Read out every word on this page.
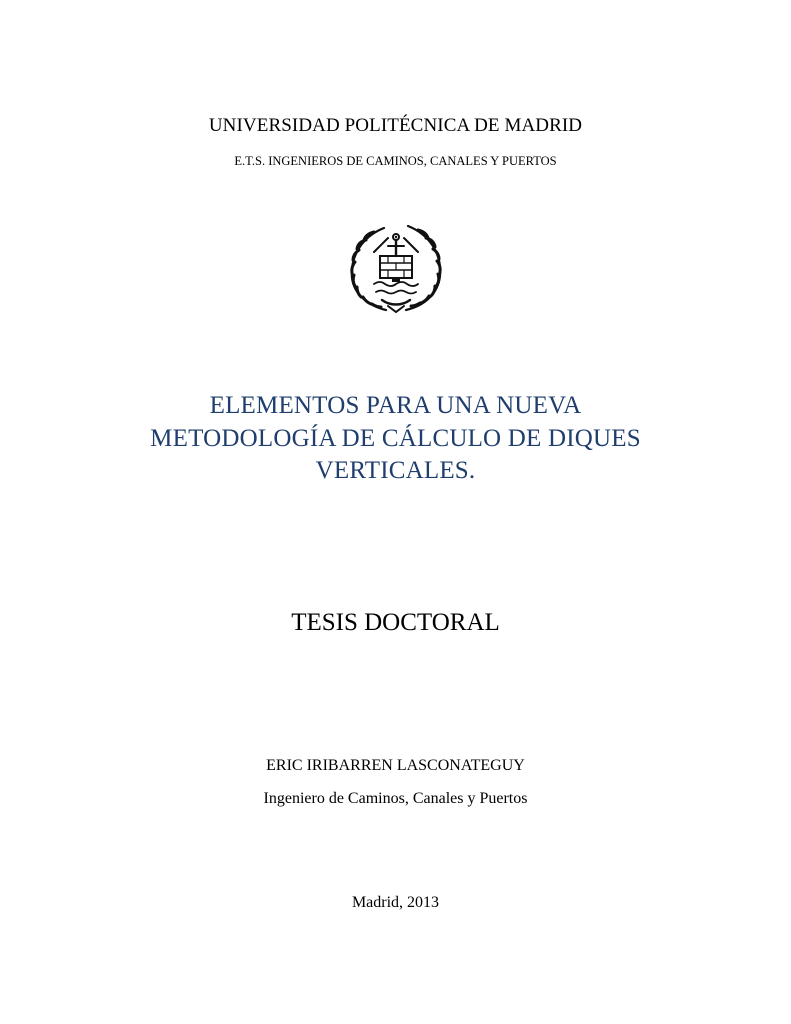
UNIVERSIDAD POLITÉCNICA DE MADRID

E.T.S. INGENIEROS DE CAMINOS, CANALES Y PUERTOS

ELEMENTOS PARA UNA NUEVA
METODOLOGÍA DE CÁLCULO DE DIQUES
VERTICALES.

TESIS DOCTORAL

ERIC IRIBARREN LASCONATEGUY

Ingeniero de Caminos, Canales y Puertos

Madrid, 2013
